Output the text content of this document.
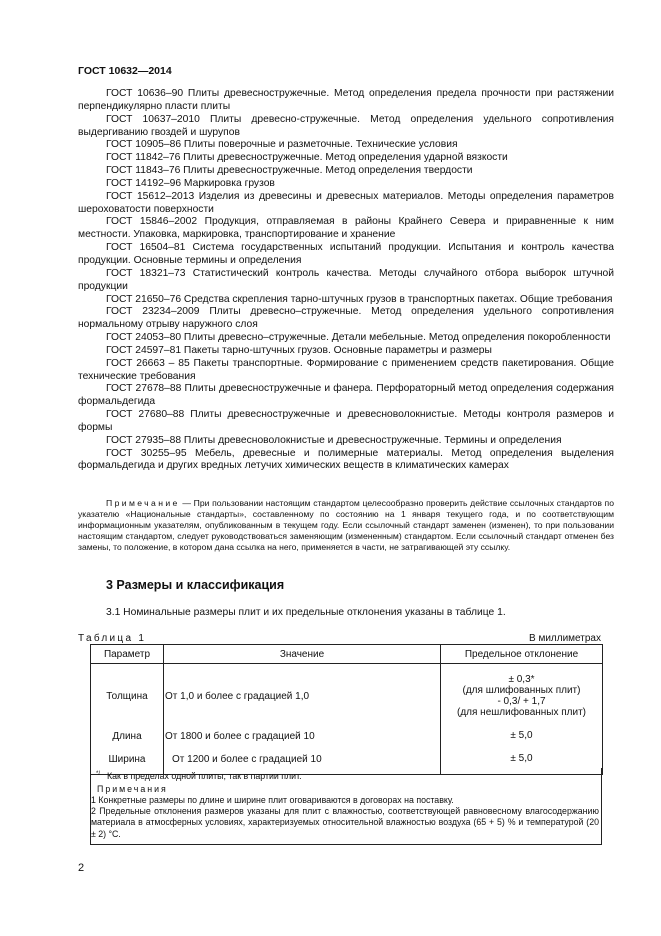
ГОСТ 10632—2014

ГОСТ 10636–90 Плиты древесностружечные. Метод определения предела прочности при растяжении перпендикулярно пласти плиты

ГОСТ 10637–2010 Плиты древесно-стружечные. Метод определения удельного сопротивления выдергиванию гвоздей и шурупов

ГОСТ 10905–86 Плиты поверочные и разметочные. Технические условия

ГОСТ 11842–76 Плиты древесностружечные. Метод определения ударной вязкости

ГОСТ 11843–76 Плиты древесностружечные. Метод определения твердости

ГОСТ 14192–96 Маркировка грузов

ГОСТ 15612–2013 Изделия из древесины и древесных материалов. Методы определения параметров шероховатости поверхности

ГОСТ 15846–2002 Продукция, отправляемая в районы Крайнего Севера и приравненные к ним местности. Упаковка, маркировка, транспортирование и хранение

ГОСТ 16504–81 Система государственных испытаний продукции. Испытания и контроль качества продукции. Основные термины и определения

ГОСТ 18321–73 Статистический контроль качества. Методы случайного отбора выборок штучной продукции

ГОСТ 21650–76 Средства скрепления тарно-штучных грузов в транспортных пакетах. Общие требования

ГОСТ 23234–2009 Плиты древесно–стружечные. Метод определения удельного сопротивления нормальному отрыву наружного слоя

ГОСТ 24053–80 Плиты древесно–стружечные. Детали мебельные. Метод определения покоробленности

ГОСТ 24597–81 Пакеты тарно-штучных грузов. Основные параметры и размеры

ГОСТ 26663 – 85 Пакеты транспортные. Формирование с применением средств пакетирования. Общие технические требования

ГОСТ 27678–88 Плиты древесностружечные и фанера. Перфораторный метод определения содержания формальдегида

ГОСТ 27680–88 Плиты древесностружечные и древесноволокнистые. Методы контроля размеров и формы

ГОСТ 27935–88 Плиты древесноволокнистые и древесностружечные. Термины и определения

ГОСТ 30255–95 Мебель, древесные и полимерные материалы. Метод определения выделения формальдегида и других вредных летучих химических веществ в климатических камерах

Примечание — При пользовании настоящим стандартом целесообразно проверить действие ссылочных стандартов по указателю «Национальные стандарты», составленному по состоянию на 1 января текущего года, и по соответствующим информационным указателям, опубликованным в текущем году. Если ссылочный стандарт заменен (изменен), то при пользовании настоящим стандартом, следует руководствоваться заменяющим (измененным) стандартом. Если ссылочный стандарт отменен без замены, то положение, в котором дана ссылка на него, применяется в части, не затрагивающей эту ссылку.

3 Размеры и классификация
3.1 Номинальные размеры плит и их предельные отклонения указаны в таблице 1.
Таблица 1	В миллиметрах
Параметр	Значение	Предельное отклонение
Толщина	От 1,0 и более с градацией 1,0	± 0,3*
(для шлифованных плит)
- 0,3/ + 1,7
(для нешлифованных плит)

Длина	От 1800 и более с градацией 10	± 5,0
Ширина	От 1200 и более с градацией 10	± 5,0
*/ Как в пределах одной плиты, так в партии плит.
Примечания

1 Конкретные размеры по длине и ширине плит оговариваются в договорах на поставку.

2 Предельные отклонения размеров указаны для плит с влажностью, соответствующей равновесному влагосодержанию материала в атмосферных условиях, характеризуемых относительной влажностью воздуха (65 + 5) % и температурой (20 ± 2) °С.

2
